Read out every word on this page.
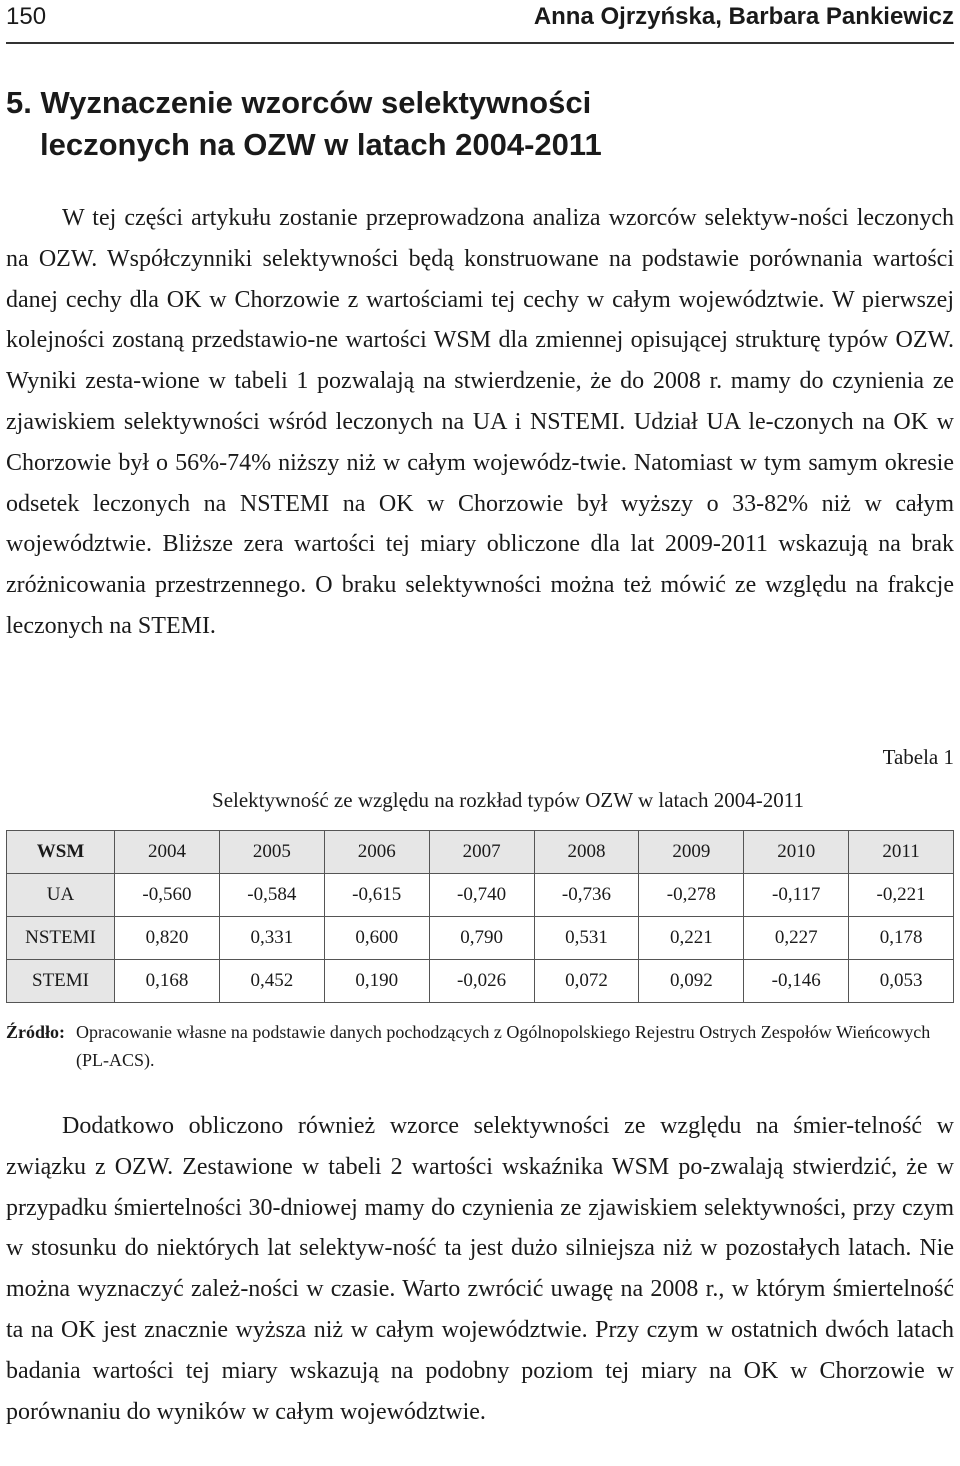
150	Anna Ojrzyńska, Barbara Pankiewicz
5. Wyznaczenie wzorców selektywności
leczonych na OZW w latach 2004-2011

W tej części artykułu zostanie przeprowadzona analiza wzorców selektyw-ności leczonych na OZW. Współczynniki selektywności będą konstruowane na podstawie porównania wartości danej cechy dla OK w Chorzowie z wartościami tej cechy w całym województwie. W pierwszej kolejności zostaną przedstawio-ne wartości WSM dla zmiennej opisującej strukturę typów OZW. Wyniki zesta-wione w tabeli 1 pozwalają na stwierdzenie, że do 2008 r. mamy do czynienia ze zjawiskiem selektywności wśród leczonych na UA i NSTEMI. Udział UA le-czonych na OK w Chorzowie był o 56%-74% niższy niż w całym wojewódz-twie. Natomiast w tym samym okresie odsetek leczonych na NSTEMI na OK w Chorzowie był wyższy o 33-82% niż w całym województwie. Bliższe zera wartości tej miary obliczone dla lat 2009-2011 wskazują na brak zróżnicowania przestrzennego. O braku selektywności można też mówić ze względu na frakcje leczonych na STEMI.

Tabela 1
Selektywność ze względu na rozkład typów OZW w latach 2004-2011
WSM	2004	2005	2006	2007	2008	2009	2010	2011
UA	-0,560	-0,584	-0,615	-0,740	-0,736	-0,278	-0,117	-0,221
NSTEMI	0,820	0,331	0,600	0,790	0,531	0,221	0,227	0,178
STEMI	0,168	0,452	0,190	-0,026	0,072	0,092	-0,146	0,053
Źródło: Opracowanie własne na podstawie danych pochodzących z Ogólnopolskiego Rejestru Ostrych Zespołów Wieńcowych (PL-ACS).

Dodatkowo obliczono również wzorce selektywności ze względu na śmier-telność w związku z OZW. Zestawione w tabeli 2 wartości wskaźnika WSM po-zwalają stwierdzić, że w przypadku śmiertelności 30-dniowej mamy do czynienia ze zjawiskiem selektywności, przy czym w stosunku do niektórych lat selektyw-ność ta jest dużo silniejsza niż w pozostałych latach. Nie można wyznaczyć zależ-ności w czasie. Warto zwrócić uwagę na 2008 r., w którym śmiertelność ta na OK jest znacznie wyższa niż w całym województwie. Przy czym w ostatnich dwóch latach badania wartości tej miary wskazują na podobny poziom tej miary na OK w Chorzowie w porównaniu do wyników w całym województwie.
